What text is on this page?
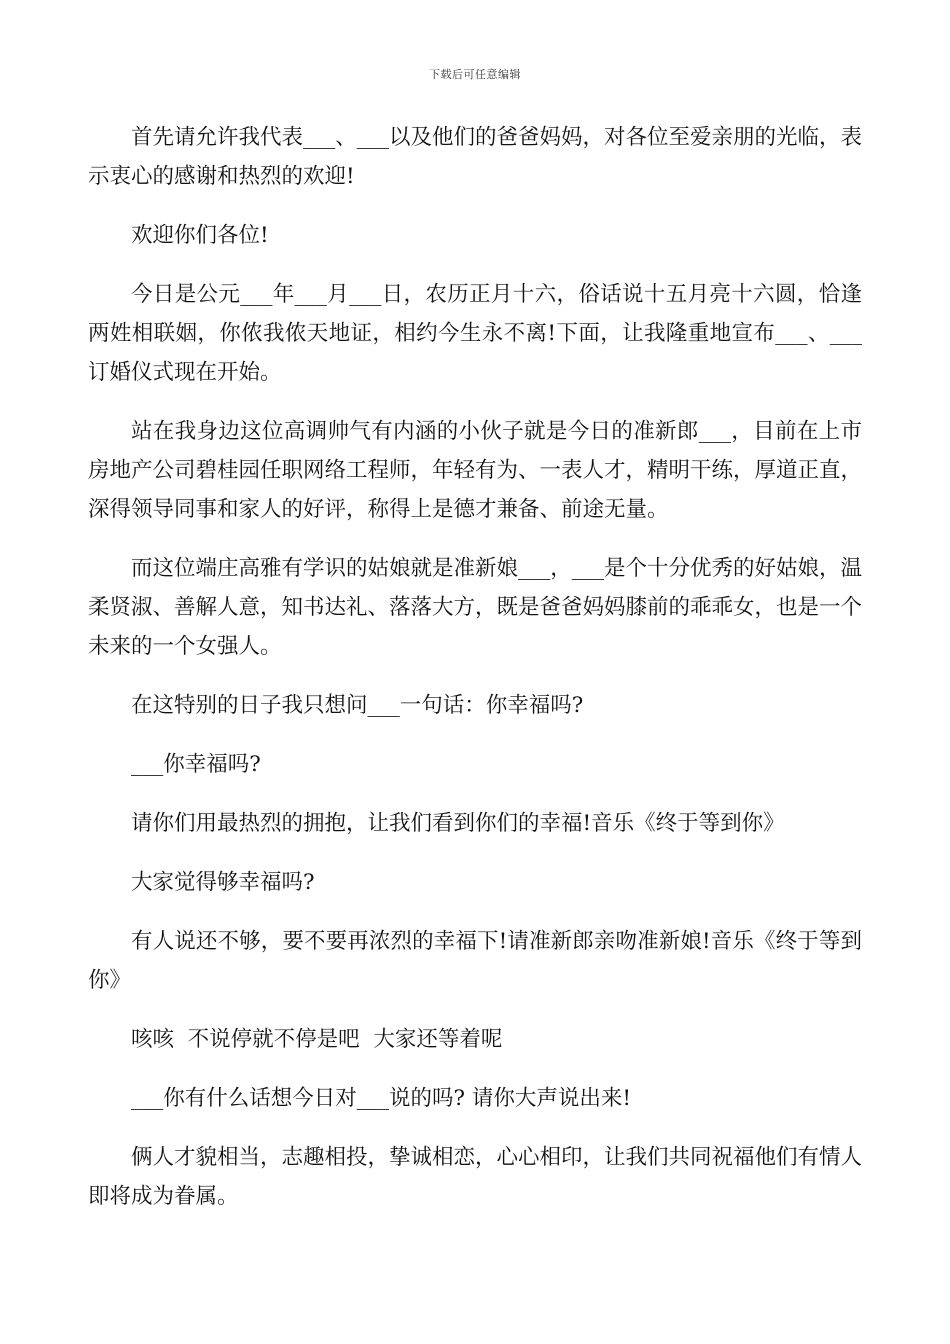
下载后可任意编辑

首先请允许我代表___、___以及他们的爸爸妈妈，对各位至爱亲朋的光临，表示衷心的感谢和热烈的欢迎!

欢迎你们各位!

今日是公元___年___月___日，农历正月十六，俗话说十五月亮十六圆，恰逢两姓相联姻，你侬我侬天地证，相约今生永不离!下面，让我隆重地宣布___、___订婚仪式现在开始。

站在我身边这位高调帅气有内涵的小伙子就是今日的准新郎___，目前在上市房地产公司碧桂园任职网络工程师，年轻有为、一表人才，精明干练，厚道正直，深得领导同事和家人的好评，称得上是德才兼备、前途无量。

而这位端庄高雅有学识的姑娘就是准新娘___，___是个十分优秀的好姑娘，温柔贤淑、善解人意，知书达礼、落落大方，既是爸爸妈妈膝前的乖乖女，也是一个未来的一个女强人。

在这特别的日子我只想问___一句话：你幸福吗?

___你幸福吗?

请你们用最热烈的拥抱，让我们看到你们的幸福!音乐《终于等到你》

大家觉得够幸福吗?

有人说还不够，要不要再浓烈的幸福下!请准新郎亲吻准新娘!音乐《终于等到你》

咳咳  不说停就不停是吧  大家还等着呢

___你有什么话想今日对___说的吗? 请你大声说出来!

俩人才貌相当，志趣相投，挚诚相恋，心心相印，让我们共同祝福他们有情人即将成为眷属。
